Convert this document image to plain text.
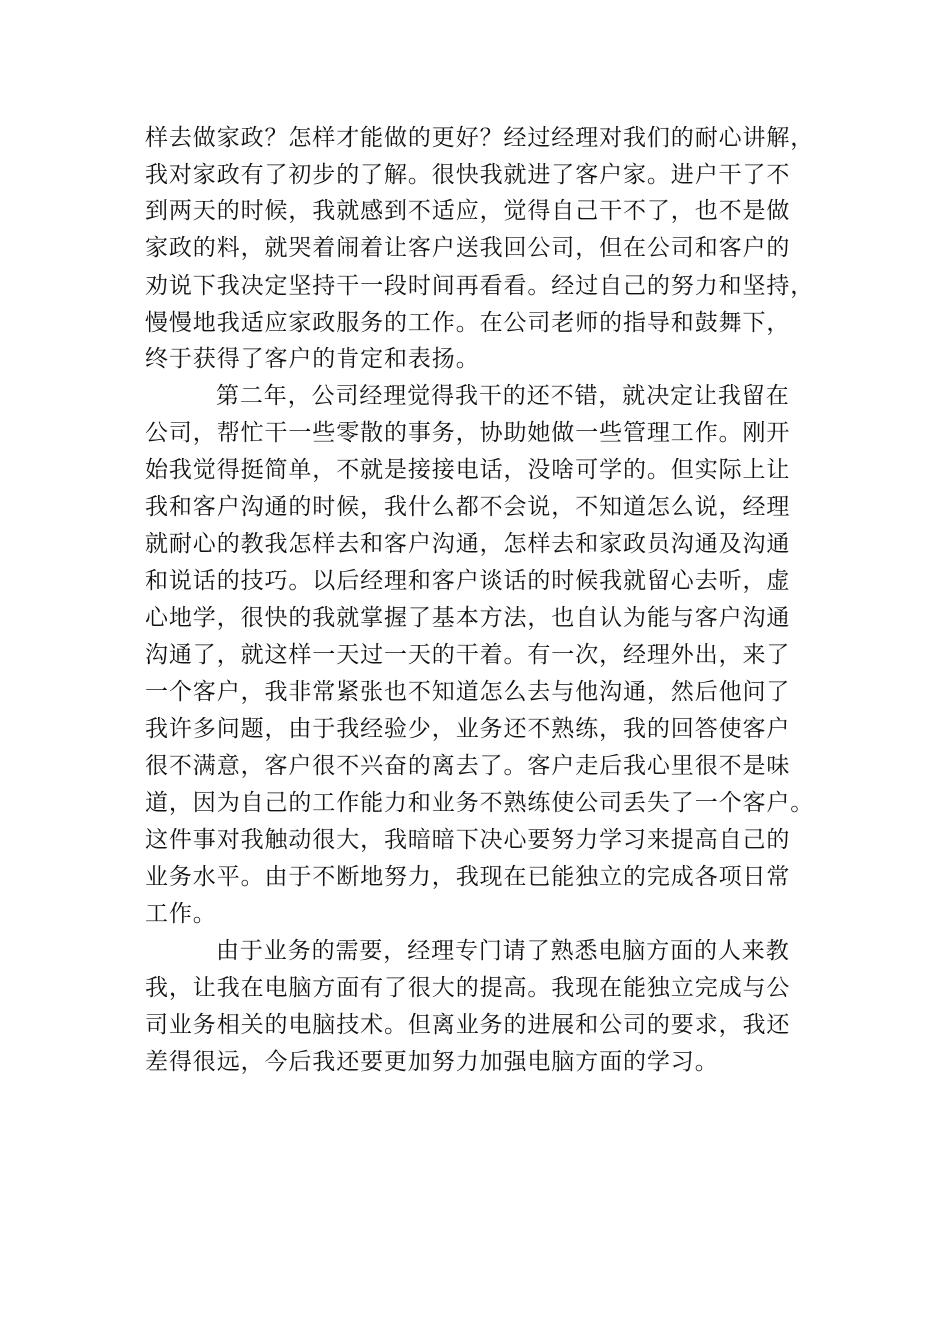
样去做家政？怎样才能做的更好？经过经理对我们的耐心讲解，
我对家政有了初步的了解。很快我就进了客户家。进户干了不
到两天的时候，我就感到不适应，觉得自己干不了，也不是做
家政的料，就哭着闹着让客户送我回公司，但在公司和客户的
劝说下我决定坚持干一段时间再看看。经过自己的努力和坚持，
慢慢地我适应家政服务的工作。在公司老师的指导和鼓舞下，
终于获得了客户的肯定和表扬。
第二年，公司经理觉得我干的还不错，就决定让我留在
公司，帮忙干一些零散的事务，协助她做一些管理工作。刚开
始我觉得挺简单，不就是接接电话，没啥可学的。但实际上让
我和客户沟通的时候，我什么都不会说，不知道怎么说，经理
就耐心的教我怎样去和客户沟通，怎样去和家政员沟通及沟通
和说话的技巧。以后经理和客户谈话的时候我就留心去听，虚
心地学，很快的我就掌握了基本方法，也自认为能与客户沟通
沟通了，就这样一天过一天的干着。有一次，经理外出，来了
一个客户，我非常紧张也不知道怎么去与他沟通，然后他问了
我许多问题，由于我经验少，业务还不熟练，我的回答使客户
很不满意，客户很不兴奋的离去了。客户走后我心里很不是味
道，因为自己的工作能力和业务不熟练使公司丢失了一个客户。
这件事对我触动很大，我暗暗下决心要努力学习来提高自己的
业务水平。由于不断地努力，我现在已能独立的完成各项日常
工作。
由于业务的需要，经理专门请了熟悉电脑方面的人来教
我，让我在电脑方面有了很大的提高。我现在能独立完成与公
司业务相关的电脑技术。但离业务的进展和公司的要求，我还
差得很远，今后我还要更加努力加强电脑方面的学习。
